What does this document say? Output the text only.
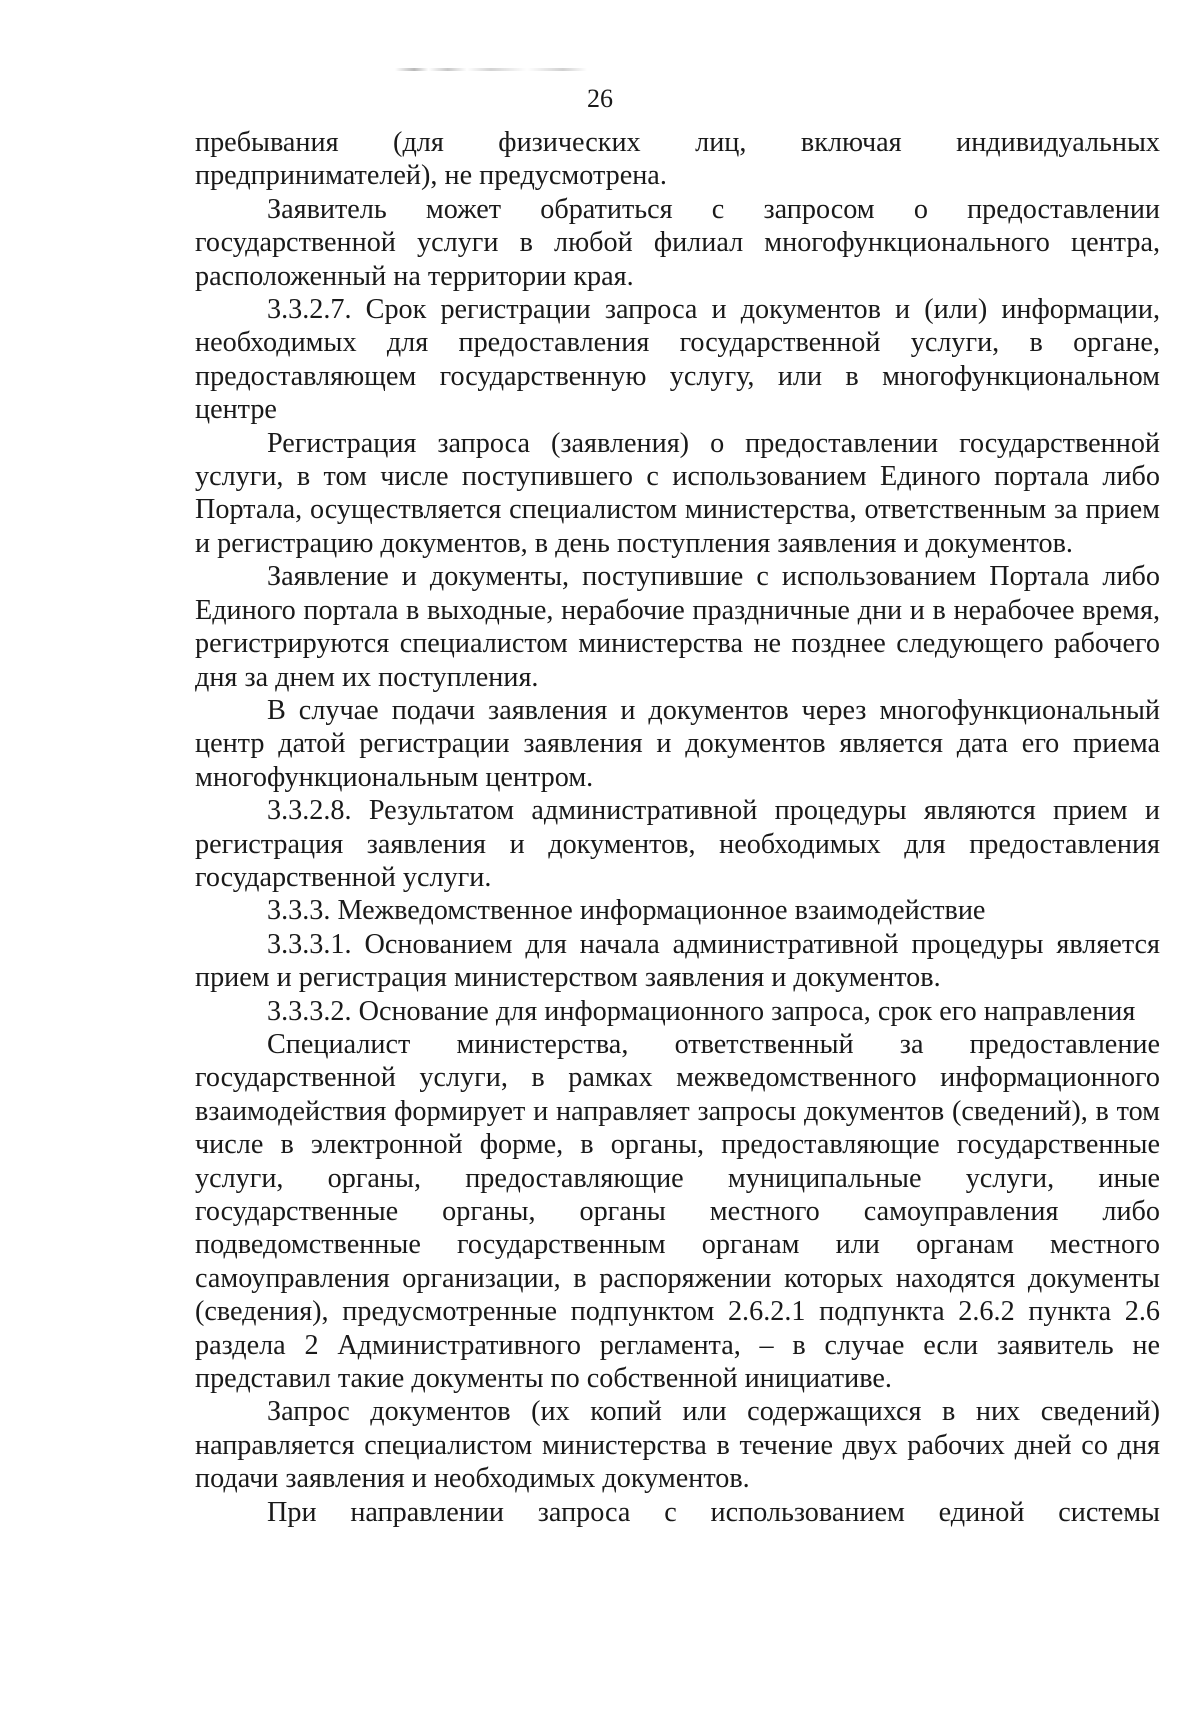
26

пребывания (для физических лиц, включая индивидуальных предпринимателей), не предусмотрена.

Заявитель может обратиться с запросом о предоставлении государственной услуги в любой филиал многофункционального центра, расположенный на территории края.

3.3.2.7. Срок регистрации запроса и документов и (или) информации, необходимых для предоставления государственной услуги, в органе, предоставляющем государственную услугу, или в многофункциональном центре

Регистрация запроса (заявления) о предоставлении государственной услуги, в том числе поступившего с использованием Единого портала либо Портала, осуществляется специалистом министерства, ответственным за прием и регистрацию документов, в день поступления заявления и документов.

Заявление и документы, поступившие с использованием Портала либо Единого портала в выходные, нерабочие праздничные дни и в нерабочее время, регистрируются специалистом министерства не позднее следующего рабочего дня за днем их поступления.

В случае подачи заявления и документов через многофункциональный центр датой регистрации заявления и документов является дата его приема многофункциональным центром.

3.3.2.8. Результатом административной процедуры являются прием и регистрация заявления и документов, необходимых для предоставления государственной услуги.

3.3.3. Межведомственное информационное взаимодействие

3.3.3.1. Основанием для начала административной процедуры является прием и регистрация министерством заявления и документов.

3.3.3.2. Основание для информационного запроса, срок его направления

Специалист министерства, ответственный за предоставление государственной услуги, в рамках межведомственного информационного взаимодействия формирует и направляет запросы документов (сведений), в том числе в электронной форме, в органы, предоставляющие государственные услуги, органы, предоставляющие муниципальные услуги, иные государственные органы, органы местного самоуправления либо подведомственные государственным органам или органам местного самоуправления организации, в распоряжении которых находятся документы (сведения), предусмотренные подпунктом 2.6.2.1 подпункта 2.6.2 пункта 2.6 раздела 2 Административного регламента, – в случае если заявитель не представил такие документы по собственной инициативе.

Запрос документов (их копий или содержащихся в них сведений) направляется специалистом министерства в течение двух рабочих дней со дня подачи заявления и необходимых документов.

При направлении запроса с использованием единой системы
